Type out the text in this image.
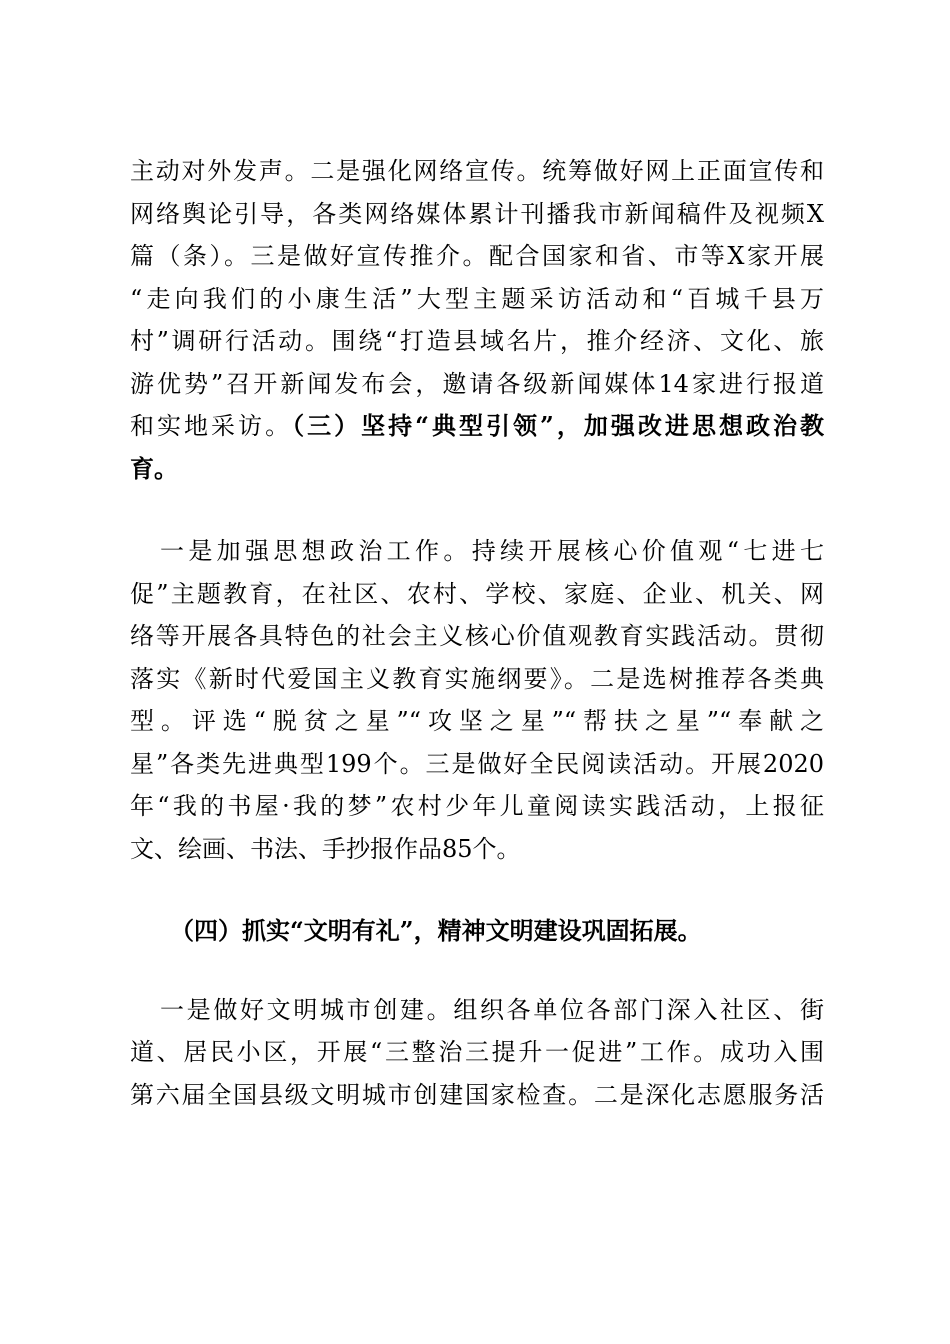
主动对外发声。二是强化网络宣传。统筹做好网上正面宣传和
网络舆论引导，各类网络媒体累计刊播我市新闻稿件及视频X
篇（条）。三是做好宣传推介。配合国家和省、市等X家开展
“走向我们的小康生活”大型主题采访活动和“百城千县万
村”调研行活动。围绕“打造县域名片，推介经济、文化、旅
游优势”召开新闻发布会，邀请各级新闻媒体14家进行报道
和实地采访。（三）坚持“典型引领”，加强改进思想政治教
育。
一是加强思想政治工作。持续开展核心价值观“七进七
促”主题教育，在社区、农村、学校、家庭、企业、机关、网
络等开展各具特色的社会主义核心价值观教育实践活动。贯彻
落实《新时代爱国主义教育实施纲要》。二是选树推荐各类典
型。评选“脱贫之星”“攻坚之星”“帮扶之星”“奉献之
星”各类先进典型199个。三是做好全民阅读活动。开展2020
年“我的书屋·我的梦”农村少年儿童阅读实践活动，上报征
文、绘画、书法、手抄报作品85个。
（四）抓实“文明有礼”，精神文明建设巩固拓展。
一是做好文明城市创建。组织各单位各部门深入社区、街
道、居民小区，开展“三整治三提升一促进”工作。成功入围
第六届全国县级文明城市创建国家检查。二是深化志愿服务活
